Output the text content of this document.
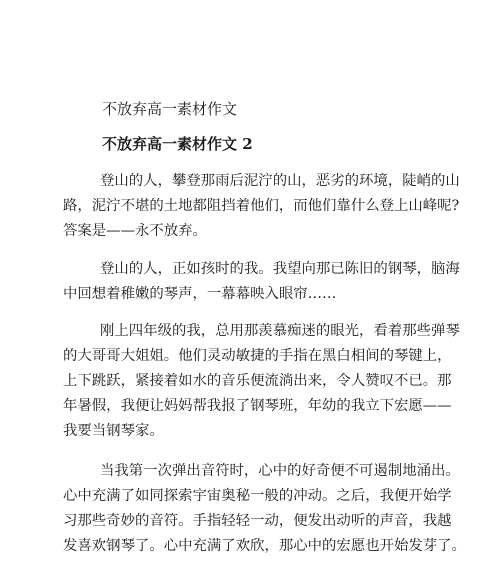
不放弃高一素材作文
不放弃高一素材作文 2

登山的人，攀登那雨后泥泞的山，恶劣的环境，陡峭的山
路，泥泞不堪的土地都阻挡着他们，而他们靠什么登上山峰呢?
答案是——永不放弃。

登山的人，正如孩时的我。我望向那已陈旧的钢琴，脑海
中回想着稚嫩的琴声，一幕幕映入眼帘……

刚上四年级的我，总用那羡慕痴迷的眼光，看着那些弹琴
的大哥哥大姐姐。他们灵动敏捷的手指在黑白相间的琴键上，
上下跳跃，紧接着如水的音乐便流淌出来，令人赞叹不已。那
年暑假，我便让妈妈帮我报了钢琴班，年幼的我立下宏愿——
我要当钢琴家。

当我第一次弹出音符时，心中的好奇便不可遏制地涌出。
心中充满了如同探索宇宙奥秘一般的冲动。之后，我便开始学
习那些奇妙的音符。手指轻轻一动，便发出动听的声音，我越
发喜欢钢琴了。心中充满了欢欣，那心中的宏愿也开始发芽了。
